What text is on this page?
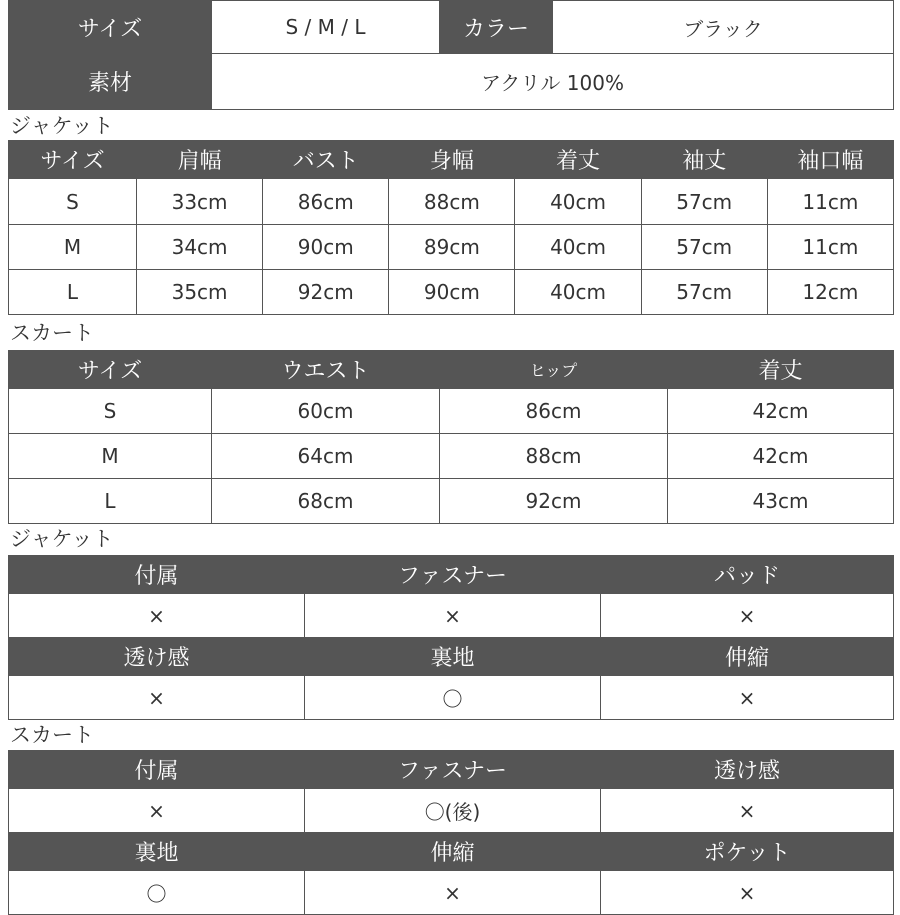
サイズ	S / M / L	カラー	ブラック
素材	アクリル 100%		
ジャケット
サイズ	肩幅	バスト	身幅	着丈	袖丈	袖口幅
S	33cm	86cm	88cm	40cm	57cm	11cm
M	34cm	90cm	89cm	40cm	57cm	11cm
L	35cm	92cm	90cm	40cm	57cm	12cm
スカート
サイズ	ウエスト	ヒップ	着丈
S	60cm	86cm	42cm
M	64cm	88cm	42cm
L	68cm	92cm	43cm
ジャケット
付属	ファスナー	パッド
×	×	×
透け感	裏地	伸縮
×	〇	×
スカート
付属	ファスナー	透け感
×	〇(後)	×
裏地	伸縮	ポケット
〇	×	×
